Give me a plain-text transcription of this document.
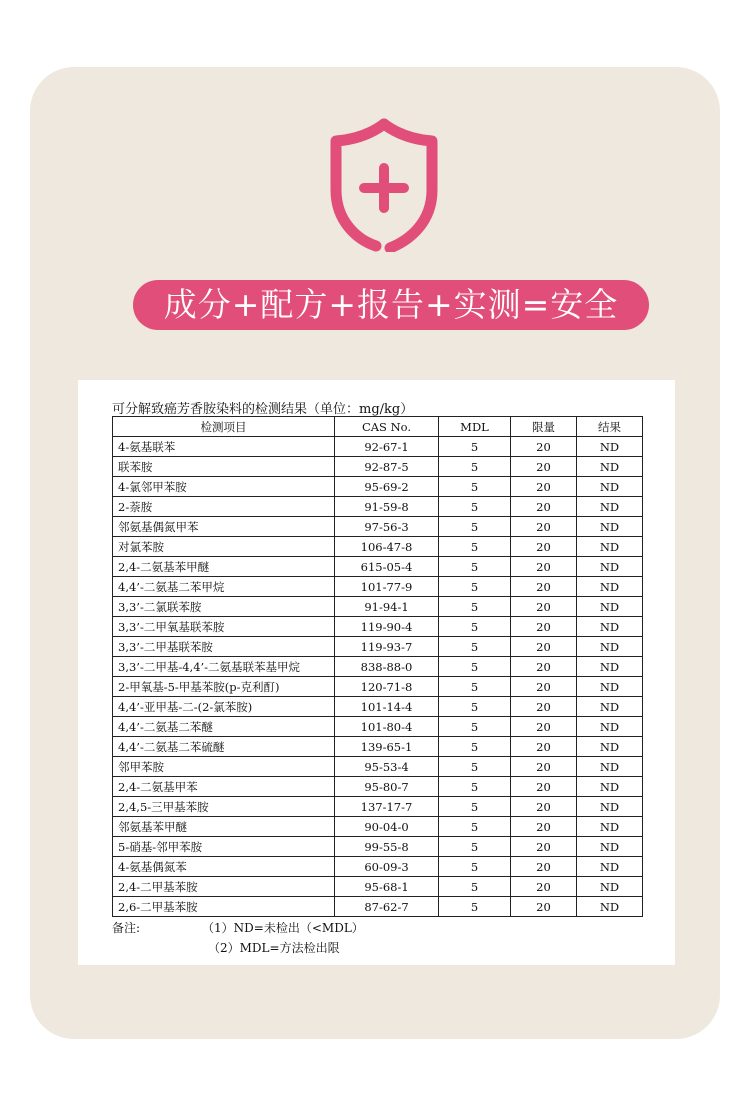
成分+配方+报告+实测=安全
可分解致癌芳香胺染料的检测结果（单位：mg/kg）
检测项目	CAS No.	MDL	限量	结果
4-氨基联苯	92-67-1	5	20	ND
联苯胺	92-87-5	5	20	ND
4-氯邻甲苯胺	95-69-2	5	20	ND
2-萘胺	91-59-8	5	20	ND
邻氨基偶氮甲苯	97-56-3	5	20	ND
对氯苯胺	106-47-8	5	20	ND
2,4-二氨基苯甲醚	615-05-4	5	20	ND
4,4’-二氨基二苯甲烷	101-77-9	5	20	ND
3,3’-二氯联苯胺	91-94-1	5	20	ND
3,3’-二甲氧基联苯胺	119-90-4	5	20	ND
3,3’-二甲基联苯胺	119-93-7	5	20	ND
3,3’-二甲基-4,4’-二氨基联苯基甲烷	838-88-0	5	20	ND
2-甲氧基-5-甲基苯胺(p-克利酊)	120-71-8	5	20	ND
4,4’-亚甲基-二-(2-氯苯胺)	101-14-4	5	20	ND
4,4’-二氨基二苯醚	101-80-4	5	20	ND
4,4’-二氨基二苯硫醚	139-65-1	5	20	ND
邻甲苯胺	95-53-4	5	20	ND
2,4-二氨基甲苯	95-80-7	5	20	ND
2,4,5-三甲基苯胺	137-17-7	5	20	ND
邻氨基苯甲醚	90-04-0	5	20	ND
5-硝基-邻甲苯胺	99-55-8	5	20	ND
4-氨基偶氮苯	60-09-3	5	20	ND
2,4-二甲基苯胺	95-68-1	5	20	ND
2,6-二甲基苯胺	87-62-7	5	20	ND
备注:	（1）ND=未检出（<MDL）
（2）MDL=方法检出限
